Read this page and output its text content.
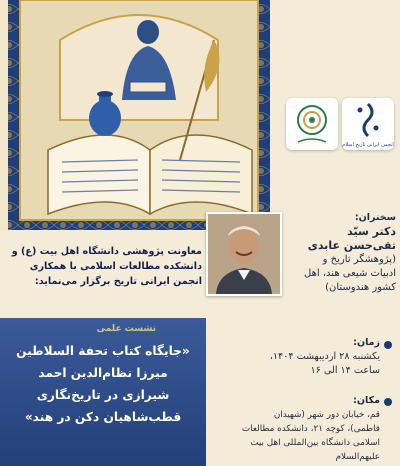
انجمن ایرانی تاریخ اسلام
سخنران:
دکتر سیّد
تقی‌حسن عابدی
(پژوهشگر تاریخ و
ادبیات شیعی هند، اهل
کشور هندوستان)
معاونت پژوهشی دانشگاه اهل بیت (ع) و
دانشکده مطالعات اسلامی با همکاری
انجمن ایرانی تاریخ برگزار می‌نماید:
نشست علمی
«جایگاه کتاب تحفة السلاطین
میرزا نظام‌الدین احمد
شیرازی در تاریخ‌نگاری
قطب‌شاهیان دکن در هند»
زمان:
یکشنبه ۲۸ اردیبهشت ۱۴۰۴،
ساعت ۱۴ الی ۱۶
مکان:
قم، خیابان دور شهر (شهیدان
فاطمی)، کوچه ۲۱، دانشکده مطالعات
اسلامی دانشگاه بین‌المللی اهل بیت
علیهم‌السلام
